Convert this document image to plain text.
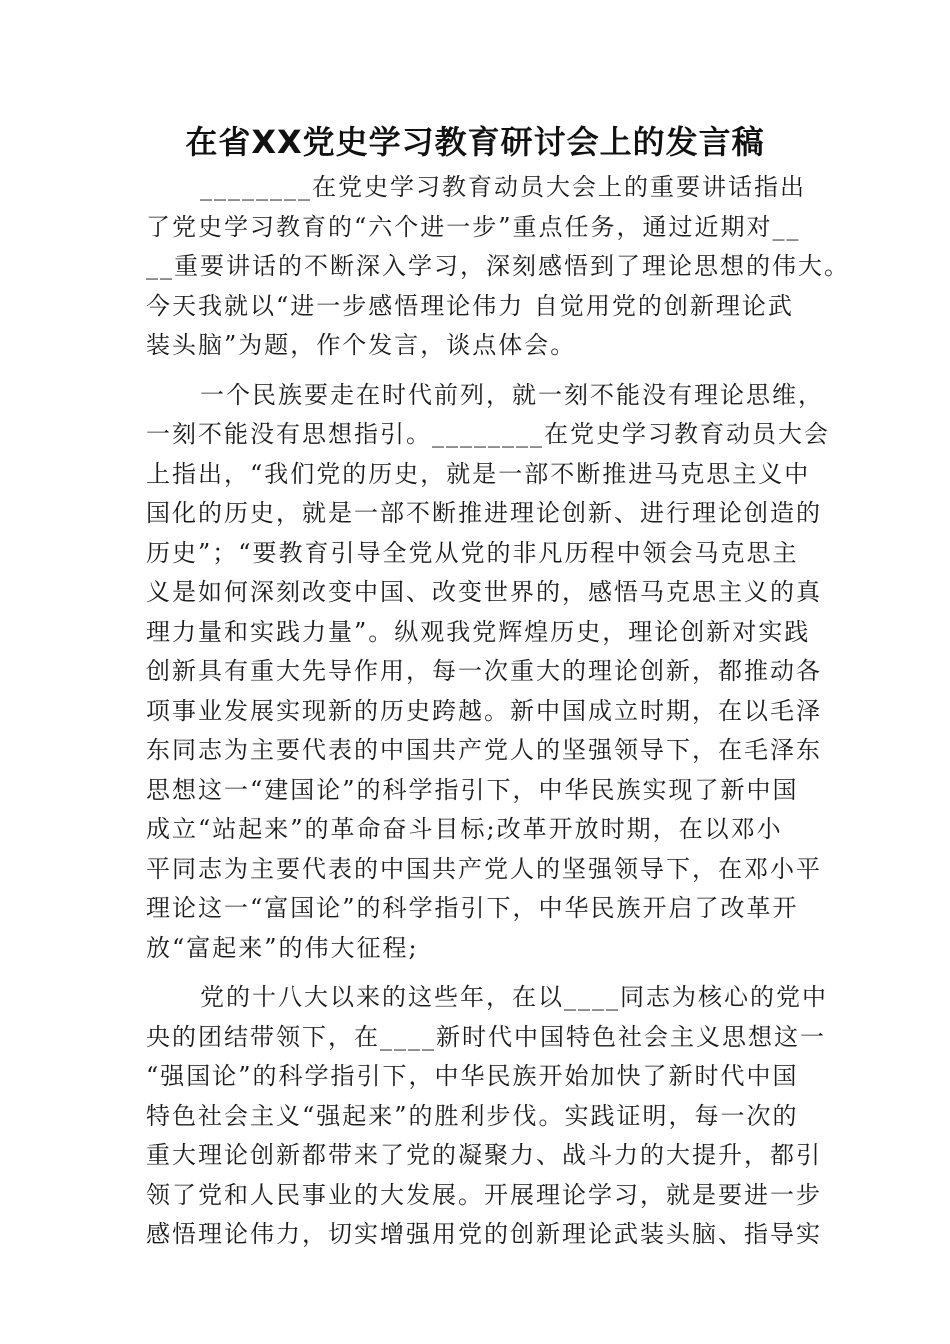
在省XX党史学习教育研讨会上的发言稿
________在党史学习教育动员大会上的重要讲话指出
了党史学习教育的“六个进一步”重点任务，通过近期对__
__重要讲话的不断深入学习，深刻感悟到了理论思想的伟大。
今天我就以“进一步感悟理论伟力 自觉用党的创新理论武
装头脑”为题，作个发言，谈点体会。
一个民族要走在时代前列，就一刻不能没有理论思维，
一刻不能没有思想指引。________在党史学习教育动员大会
上指出，“我们党的历史，就是一部不断推进马克思主义中
国化的历史，就是一部不断推进理论创新、进行理论创造的
历史”；“要教育引导全党从党的非凡历程中领会马克思主
义是如何深刻改变中国、改变世界的，感悟马克思主义的真
理力量和实践力量”。纵观我党辉煌历史，理论创新对实践
创新具有重大先导作用，每一次重大的理论创新，都推动各
项事业发展实现新的历史跨越。新中国成立时期，在以毛泽
东同志为主要代表的中国共产党人的坚强领导下，在毛泽东
思想这一“建国论”的科学指引下，中华民族实现了新中国
成立“站起来”的革命奋斗目标;改革开放时期，在以邓小
平同志为主要代表的中国共产党人的坚强领导下，在邓小平
理论这一“富国论”的科学指引下，中华民族开启了改革开
放“富起来”的伟大征程;
党的十八大以来的这些年，在以____同志为核心的党中
央的团结带领下，在____新时代中国特色社会主义思想这一
“强国论”的科学指引下，中华民族开始加快了新时代中国
特色社会主义“强起来”的胜利步伐。实践证明，每一次的
重大理论创新都带来了党的凝聚力、战斗力的大提升，都引
领了党和人民事业的大发展。开展理论学习，就是要进一步
感悟理论伟力，切实增强用党的创新理论武装头脑、指导实
